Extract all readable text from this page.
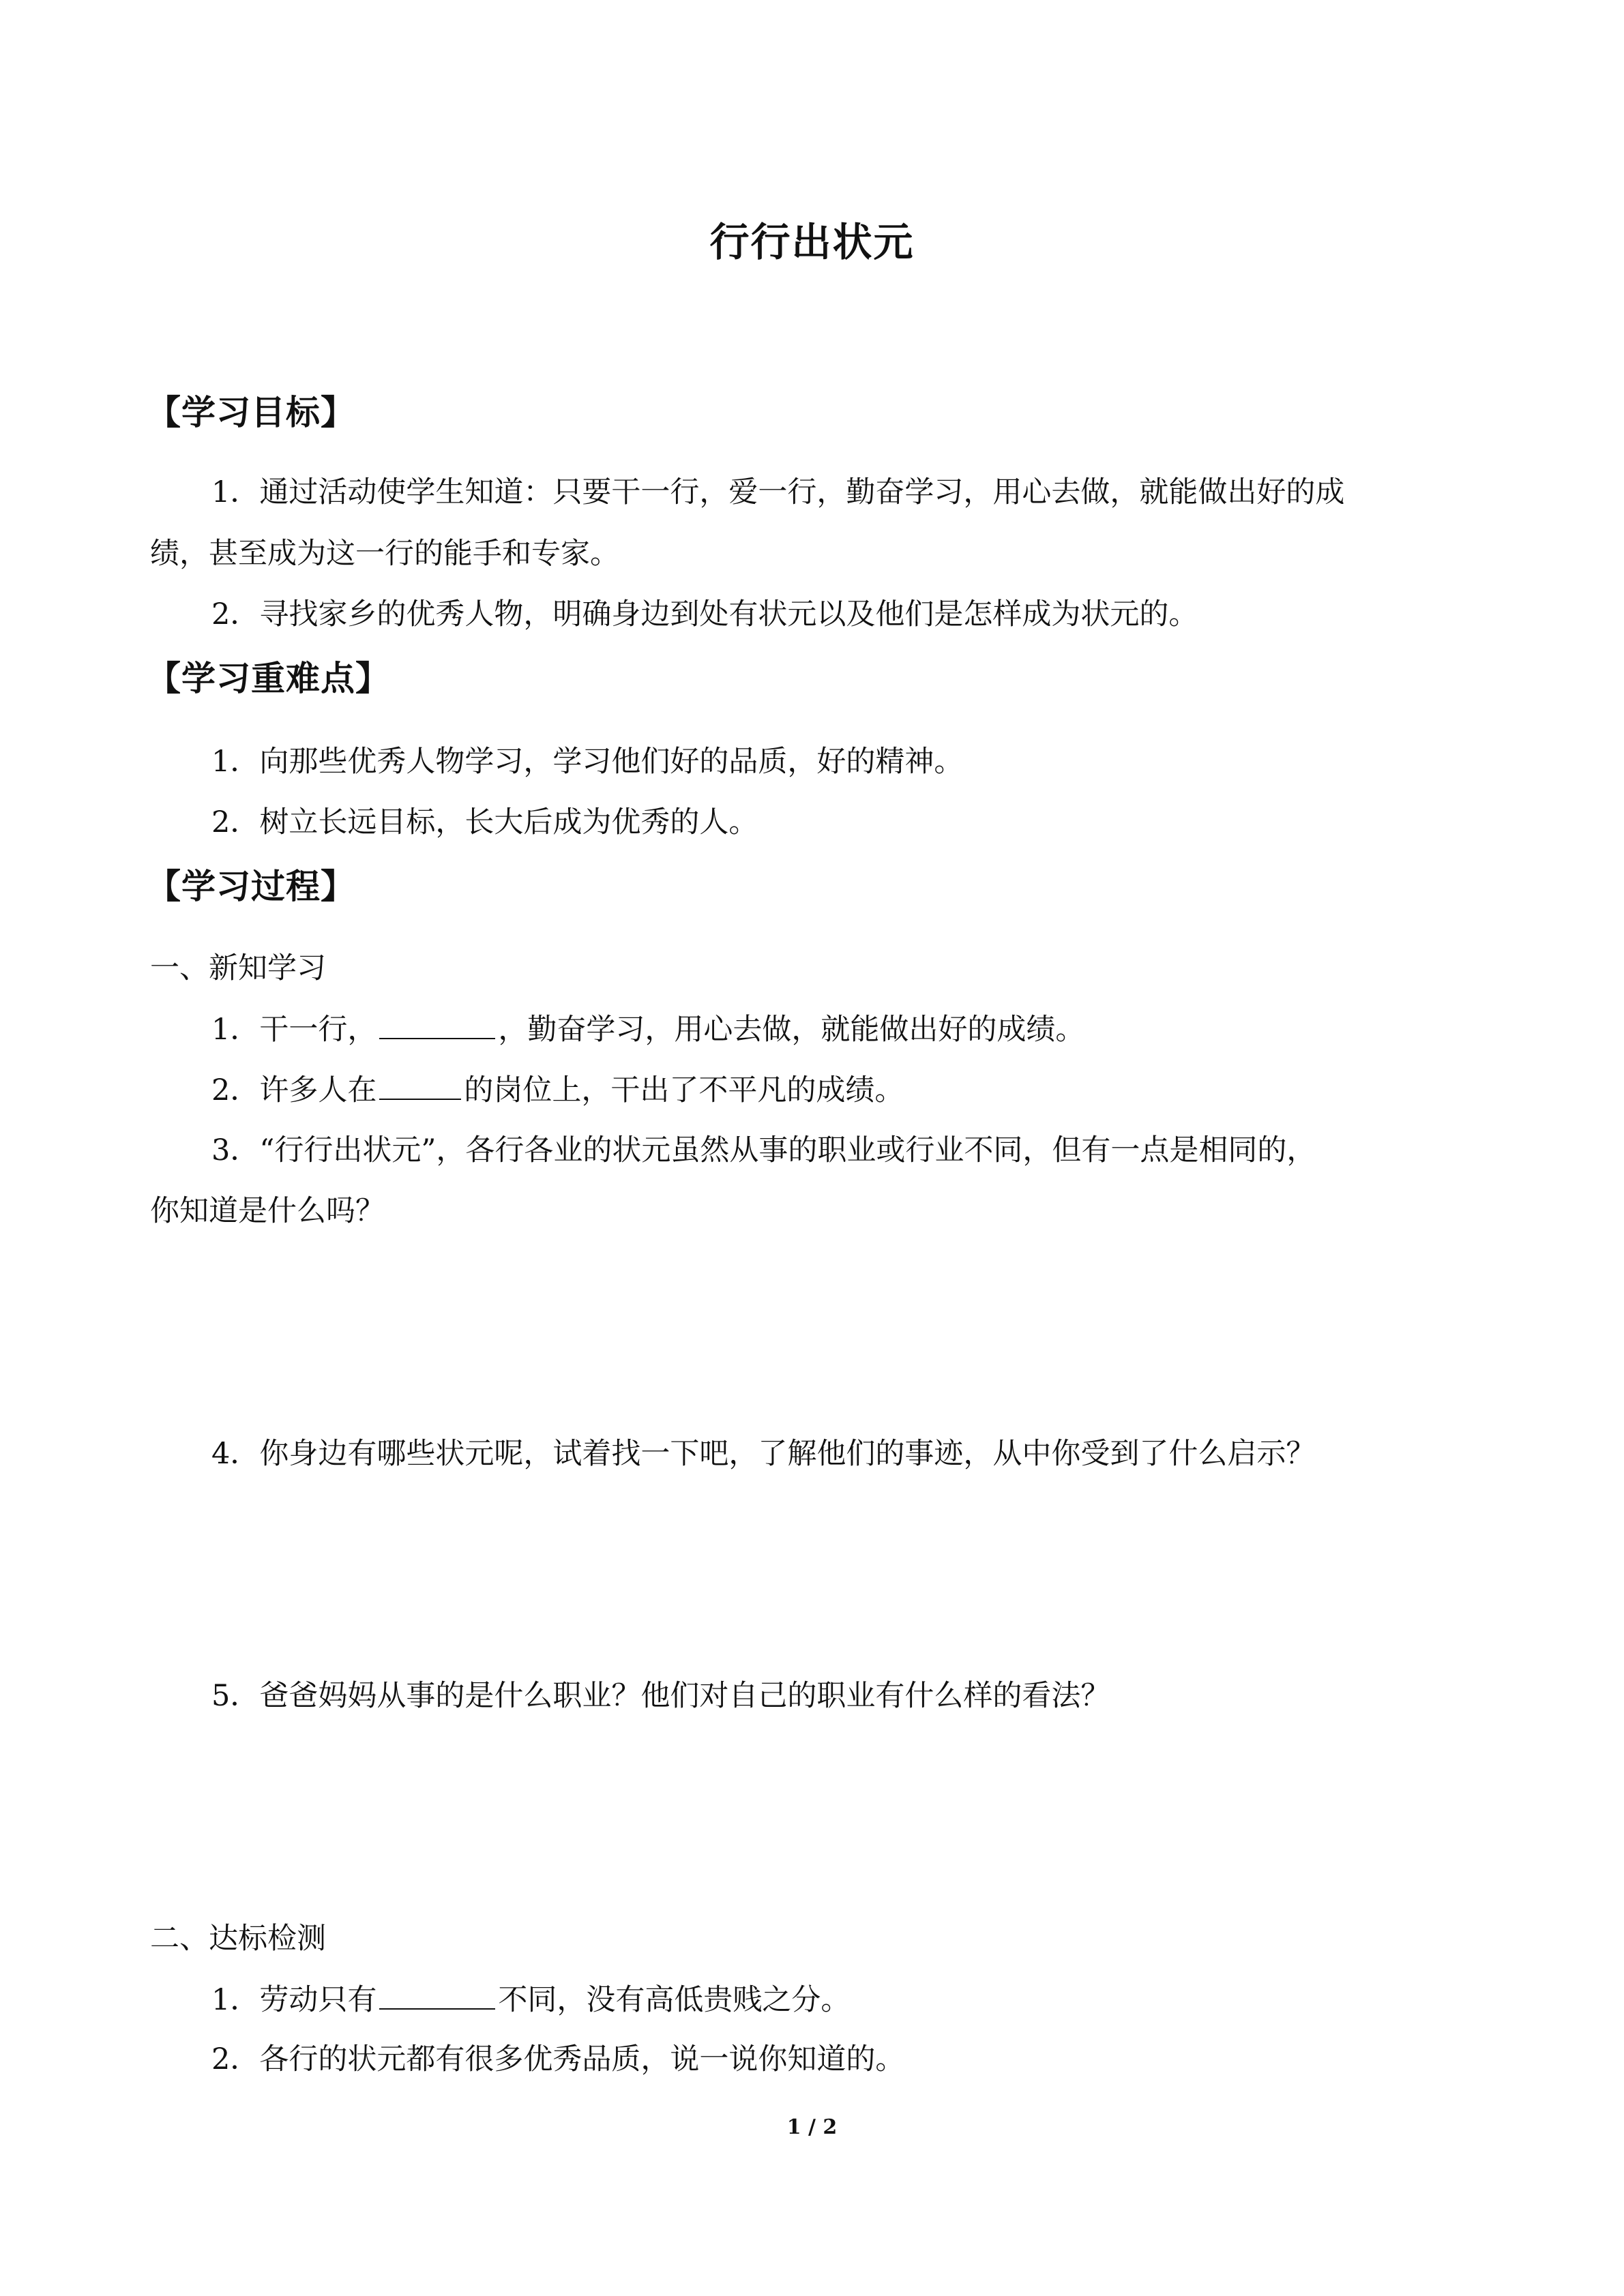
行行出状元
【学习目标】
1．通过活动使学生知道：只要干一行，爱一行，勤奋学习，用心去做，就能做出好的成
绩，甚至成为这一行的能手和专家。
2．寻找家乡的优秀人物，明确身边到处有状元以及他们是怎样成为状元的。
【学习重难点】
1．向那些优秀人物学习，学习他们好的品质，好的精神。
2．树立长远目标，长大后成为优秀的人。
【学习过程】
一、新知学习
1．干一行，	，勤奋学习，用心去做，就能做出好的成绩。
2．许多人在	的岗位上，干出了不平凡的成绩。
3．“行行出状元”，各行各业的状元虽然从事的职业或行业不同，但有一点是相同的，
你知道是什么吗？
4．你身边有哪些状元呢，试着找一下吧，了解他们的事迹，从中你受到了什么启示？
5．爸爸妈妈从事的是什么职业？他们对自己的职业有什么样的看法？
二、达标检测
1．劳动只有	不同，没有高低贵贱之分。
2．各行的状元都有很多优秀品质，说一说你知道的。
1 / 2
